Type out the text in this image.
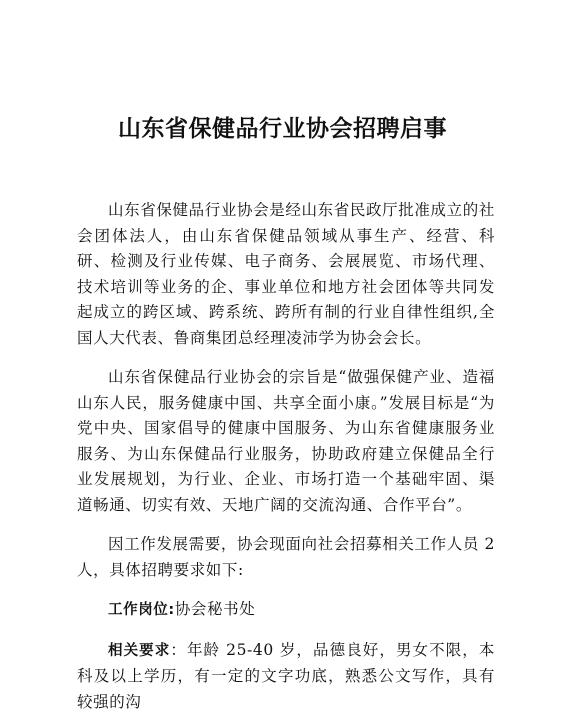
山东省保健品行业协会招聘启事

山东省保健品行业协会是经山东省民政厅批准成立的社会团体法人，由山东省保健品领域从事生产、经营、科研、检测及行业传媒、电子商务、会展展览、市场代理、技术培训等业务的企、事业单位和地方社会团体等共同发起成立的跨区域、跨系统、跨所有制的行业自律性组织,全国人大代表、鲁商集团总经理凌沛学为协会会长。

山东省保健品行业协会的宗旨是“做强保健产业、造福山东人民，服务健康中国、共享全面小康。”发展目标是“为党中央、国家倡导的健康中国服务、为山东省健康服务业服务、为山东保健品行业服务，协助政府建立保健品全行业发展规划，为行业、企业、市场打造一个基础牢固、渠道畅通、切实有效、天地广阔的交流沟通、合作平台”。

因工作发展需要，协会现面向社会招募相关工作人员 2 人，具体招聘要求如下:

工作岗位:协会秘书处

相关要求：年龄 25-40 岁，品德良好，男女不限，本科及以上学历，有一定的文字功底，熟悉公文写作，具有较强的沟
